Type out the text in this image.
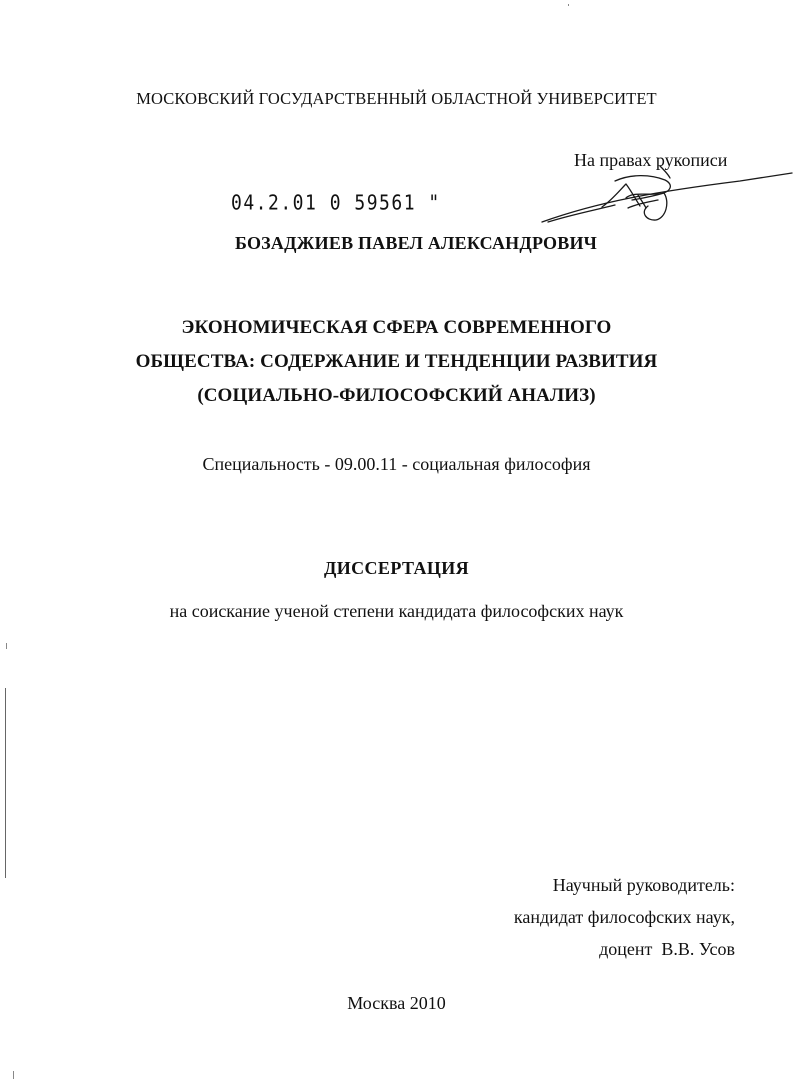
МОСКОВСКИЙ ГОСУДАРСТВЕННЫЙ ОБЛАСТНОЙ УНИВЕРСИТЕТ
На правах рукописи
04.2.01 0 59561 "
БОЗАДЖИЕВ ПАВЕЛ АЛЕКСАНДРОВИЧ
ЭКОНОМИЧЕСКАЯ СФЕРА СОВРЕМЕННОГО
ОБЩЕСТВА: СОДЕРЖАНИЕ И ТЕНДЕНЦИИ РАЗВИТИЯ
(СОЦИАЛЬНО-ФИЛОСОФСКИЙ АНАЛИЗ)
Специальность - 09.00.11 - социальная философия
ДИССЕРТАЦИЯ
на соискание ученой степени кандидата философских наук
Научный руководитель:
кандидат философских наук,
доцент  В.В. Усов
Москва 2010
